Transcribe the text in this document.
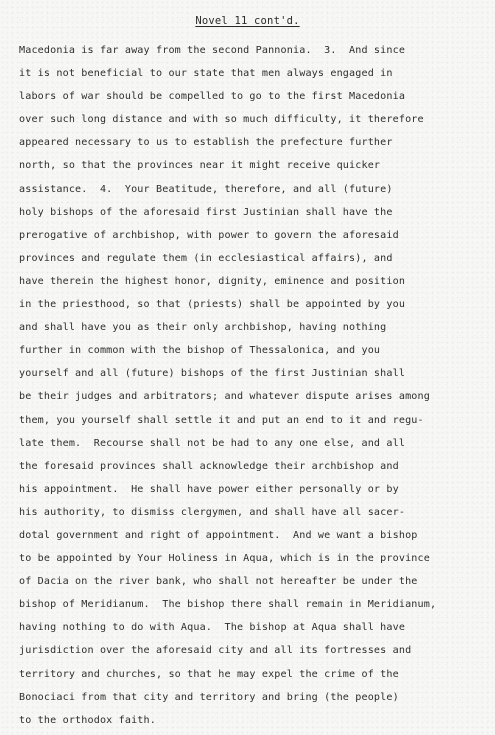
Novel 11 cont'd.
Macedonia is far away from the second Pannonia.  3.  And since
it is not beneficial to our state that men always engaged in
labors of war should be compelled to go to the first Macedonia
over such long distance and with so much difficulty, it therefore
appeared necessary to us to establish the prefecture further
north, so that the provinces near it might receive quicker
assistance.  4.  Your Beatitude, therefore, and all (future)
holy bishops of the aforesaid first Justinian shall have the
prerogative of archbishop, with power to govern the aforesaid
provinces and regulate them (in ecclesiastical affairs), and
have therein the highest honor, dignity, eminence and position
in the priesthood, so that (priests) shall be appointed by you
and shall have you as their only archbishop, having nothing
further in common with the bishop of Thessalonica, and you
yourself and all (future) bishops of the first Justinian shall
be their judges and arbitrators; and whatever dispute arises among
them, you yourself shall settle it and put an end to it and regu-
late them.  Recourse shall not be had to any one else, and all
the foresaid provinces shall acknowledge their archbishop and
his appointment.  He shall have power either personally or by
his authority, to dismiss clergymen, and shall have all sacer-
dotal government and right of appointment.  And we want a bishop
to be appointed by Your Holiness in Aqua, which is in the province
of Dacia on the river bank, who shall not hereafter be under the
bishop of Meridianum.  The bishop there shall remain in Meridianum,
having nothing to do with Aqua.  The bishop at Aqua shall have
jurisdiction over the aforesaid city and all its fortresses and
territory and churches, so that he may expel the crime of the
Bonociaci from that city and territory and bring (the people)
to the orthodox faith.
